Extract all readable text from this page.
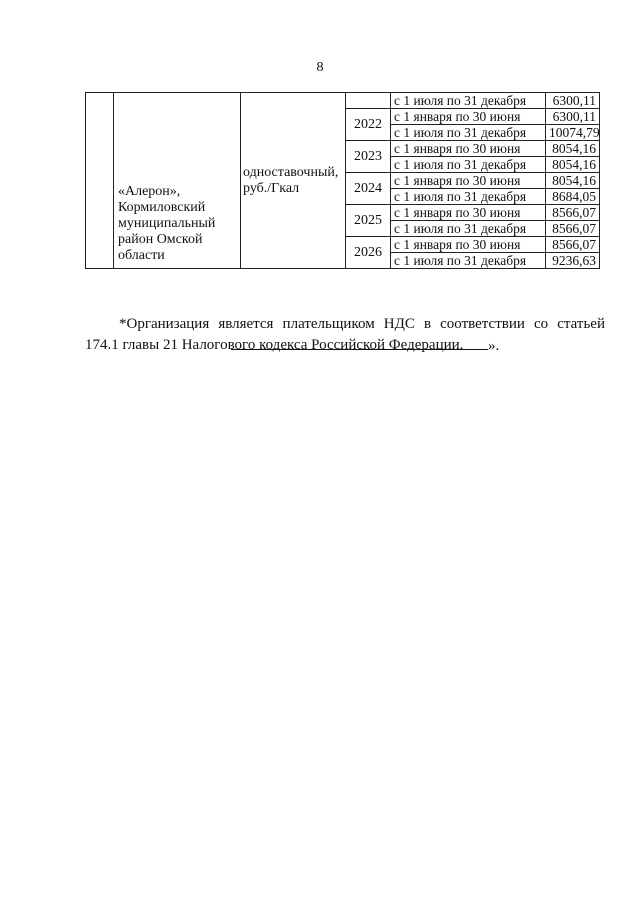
8
	«Алерон», Кормиловский муниципальный район Омской области	одноставочный, руб./Гкал		с 1 июля по 31 декабря	6300,11
			2022	с 1 января по 30 июня	6300,11
				с 1 июля по 31 декабря	10074,79
			2023	с 1 января по 30 июня	8054,16
				с 1 июля по 31 декабря	8054,16
			2024	с 1 января по 30 июня	8054,16
				с 1 июля по 31 декабря	8684,05
			2025	с 1 января по 30 июня	8566,07
				с 1 июля по 31 декабря	8566,07
			2026	с 1 января по 30 июня	8566,07
				с 1 июля по 31 декабря	9236,63

*Организация является плательщиком НДС в соответствии со статьей 174.1 главы 21 Налогового кодекса Российской Федерации.	».
